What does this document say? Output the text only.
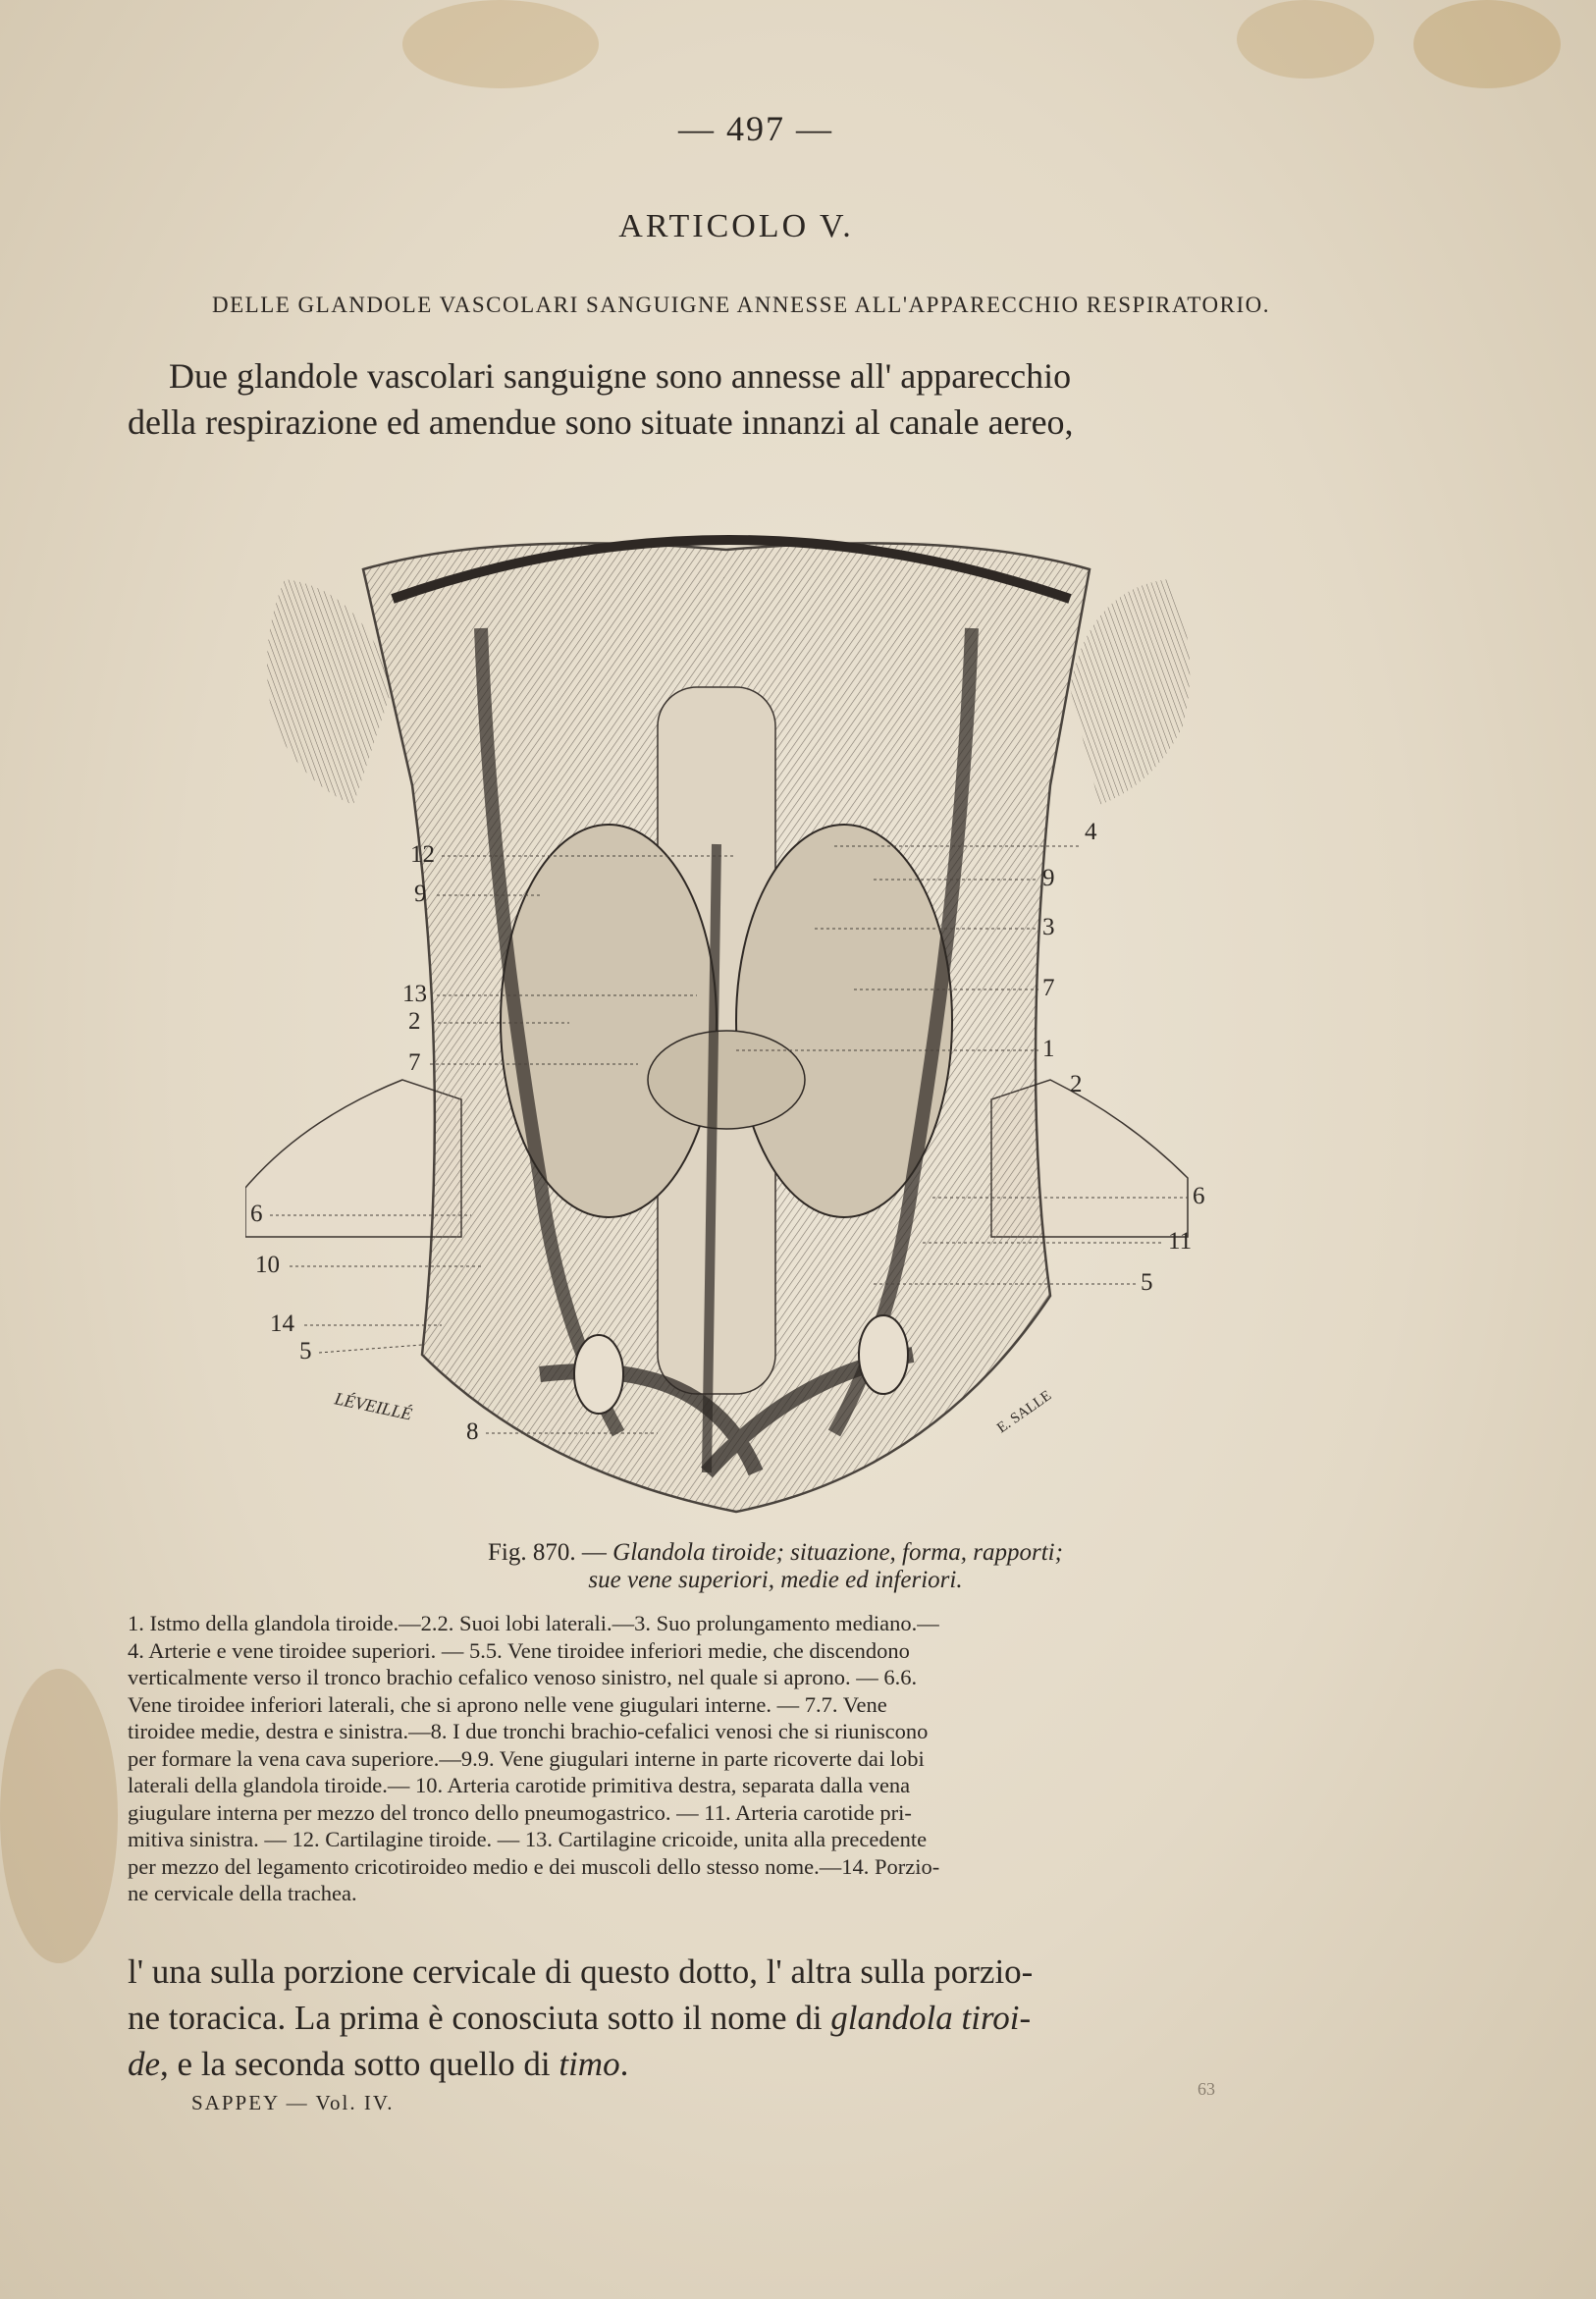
— 497 —
ARTICOLO V.
DELLE GLANDOLE VASCOLARI SANGUIGNE ANNESSE ALL'APPARECCHIO RESPIRATORIO.
Due glandole vascolari sanguigne sono annesse all' apparecchio
della respirazione ed amendue sono situate innanzi al canale aereo,
12
9
13
2
7
6
10
14
5
8
4
9
3
7
1
2
6
11
5
LÉVEILLÉ	E. SALLE
Fig. 870. — Glandola tiroide; situazione, forma, rapporti;
sue vene superiori, medie ed inferiori.
1. Istmo della glandola tiroide.—2.2. Suoi lobi laterali.—3. Suo prolungamento mediano.—
4. Arterie e vene tiroidee superiori. — 5.5. Vene tiroidee inferiori medie, che discendono
verticalmente verso il tronco brachio cefalico venoso sinistro, nel quale si aprono. — 6.6.
Vene tiroidee inferiori laterali, che si aprono nelle vene giugulari interne. — 7.7. Vene
tiroidee medie, destra e sinistra.—8. I due tronchi brachio-cefalici venosi che si riuniscono
per formare la vena cava superiore.—9.9. Vene giugulari interne in parte ricoverte dai lobi
laterali della glandola tiroide.— 10. Arteria carotide primitiva destra, separata dalla vena
giugulare interna per mezzo del tronco dello pneumogastrico. — 11. Arteria carotide pri-
mitiva sinistra. — 12. Cartilagine tiroide. — 13. Cartilagine cricoide, unita alla precedente
per mezzo del legamento cricotiroideo medio e dei muscoli dello stesso nome.—14. Porzio-
ne cervicale della trachea.
l' una sulla porzione cervicale di questo dotto, l' altra sulla porzio-
ne toracica. La prima è conosciuta sotto il nome di glandola tiroi-
de, e la seconda sotto quello di timo.
SAPPEY — Vol. IV.
63
